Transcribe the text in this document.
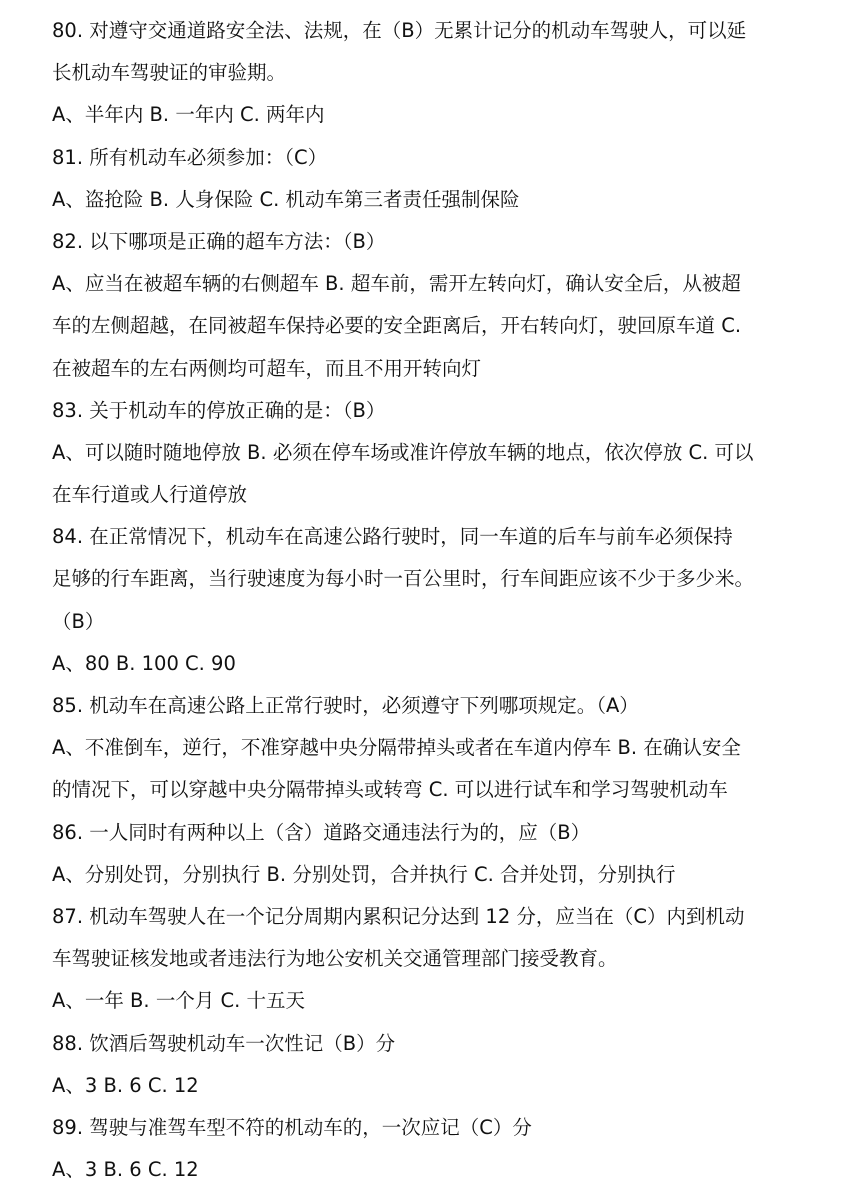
80. 对遵守交通道路安全法、法规，在（B）无累计记分的机动车驾驶人，可以延
长机动车驾驶证的审验期。
A、半年内 B. 一年内 C. 两年内
81. 所有机动车必须参加：（C）
A、盗抢险 B. 人身保险 C. 机动车第三者责任强制保险
82. 以下哪项是正确的超车方法：（B）
A、应当在被超车辆的右侧超车 B. 超车前，需开左转向灯，确认安全后，从被超
车的左侧超越，在同被超车保持必要的安全距离后，开右转向灯，驶回原车道 C.
在被超车的左右两侧均可超车，而且不用开转向灯
83. 关于机动车的停放正确的是：（B）
A、可以随时随地停放 B. 必须在停车场或准许停放车辆的地点，依次停放 C. 可以
在车行道或人行道停放
84. 在正常情况下，机动车在高速公路行驶时，同一车道的后车与前车必须保持
足够的行车距离，当行驶速度为每小时一百公里时，行车间距应该不少于多少米。
（B）
A、80 B. 100 C. 90
85. 机动车在高速公路上正常行驶时，必须遵守下列哪项规定。（A）
A、不准倒车，逆行，不准穿越中央分隔带掉头或者在车道内停车 B. 在确认安全
的情况下，可以穿越中央分隔带掉头或转弯 C. 可以进行试车和学习驾驶机动车
86. 一人同时有两种以上（含）道路交通违法行为的，应（B）
A、分别处罚，分别执行 B. 分别处罚，合并执行 C. 合并处罚，分别执行
87. 机动车驾驶人在一个记分周期内累积记分达到 12 分，应当在（C）内到机动
车驾驶证核发地或者违法行为地公安机关交通管理部门接受教育。
A、一年 B. 一个月 C. 十五天
88. 饮酒后驾驶机动车一次性记（B）分
A、3 B. 6 C. 12
89. 驾驶与准驾车型不符的机动车的，一次应记（C）分
A、3 B. 6 C. 12
